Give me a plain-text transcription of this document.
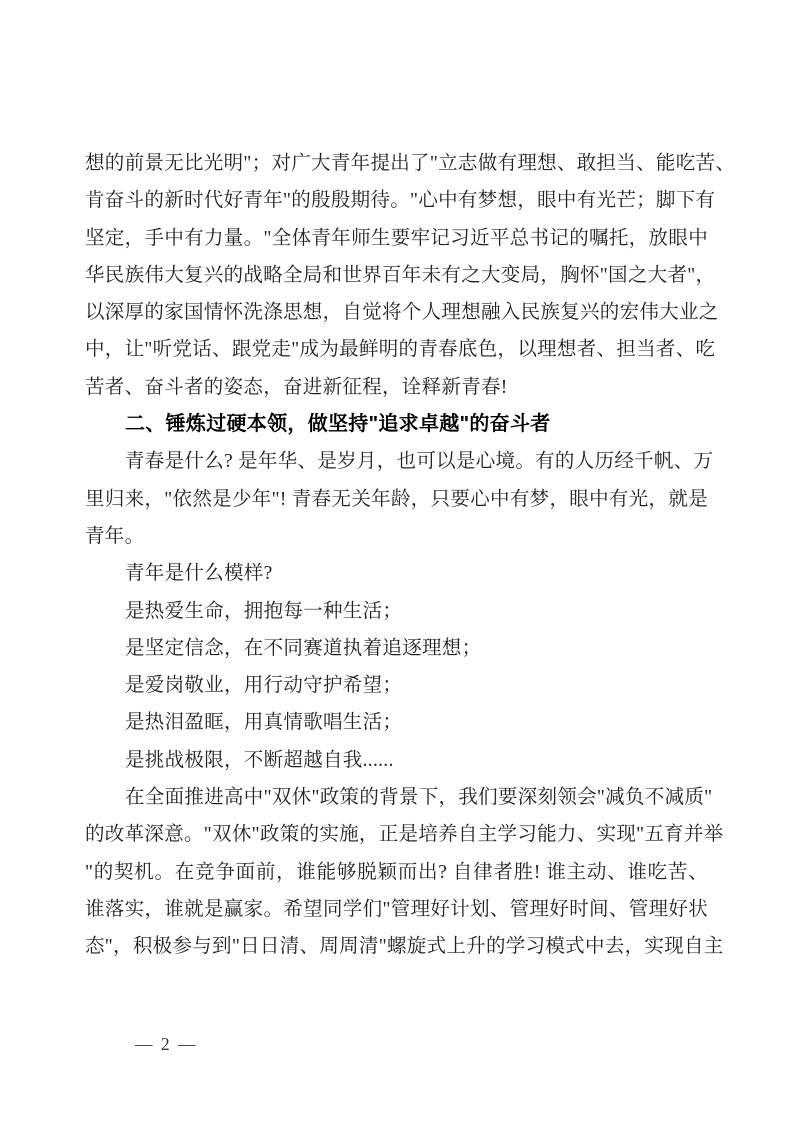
想的前景无比光明"；对广大青年提出了"立志做有理想、敢担当、能吃苦、
肯奋斗的新时代好青年"的殷殷期待。"心中有梦想，眼中有光芒；脚下有
坚定，手中有力量。"全体青年师生要牢记习近平总书记的嘱托，放眼中
华民族伟大复兴的战略全局和世界百年未有之大变局，胸怀"国之大者"，
以深厚的家国情怀洗涤思想，自觉将个人理想融入民族复兴的宏伟大业之
中，让"听党话、跟党走"成为最鲜明的青春底色，以理想者、担当者、吃
苦者、奋斗者的姿态，奋进新征程，诠释新青春!
二、锤炼过硬本领，做坚持"追求卓越"的奋斗者
青春是什么? 是年华、是岁月，也可以是心境。有的人历经千帆、万
里归来，"依然是少年"! 青春无关年龄，只要心中有梦，眼中有光，就是
青年。
青年是什么模样?
是热爱生命，拥抱每一种生活；
是坚定信念，在不同赛道执着追逐理想；
是爱岗敬业，用行动守护希望；
是热泪盈眶，用真情歌唱生活；
是挑战极限，不断超越自我......
在全面推进高中"双休"政策的背景下，我们要深刻领会"减负不减质"
的改革深意。"双休"政策的实施，正是培养自主学习能力、实现"五育并举
"的契机。在竞争面前，谁能够脱颖而出? 自律者胜! 谁主动、谁吃苦、
谁落实，谁就是赢家。希望同学们"管理好计划、管理好时间、管理好状
态"，积极参与到"日日清、周周清"螺旋式上升的学习模式中去，实现自主
— 2 —
